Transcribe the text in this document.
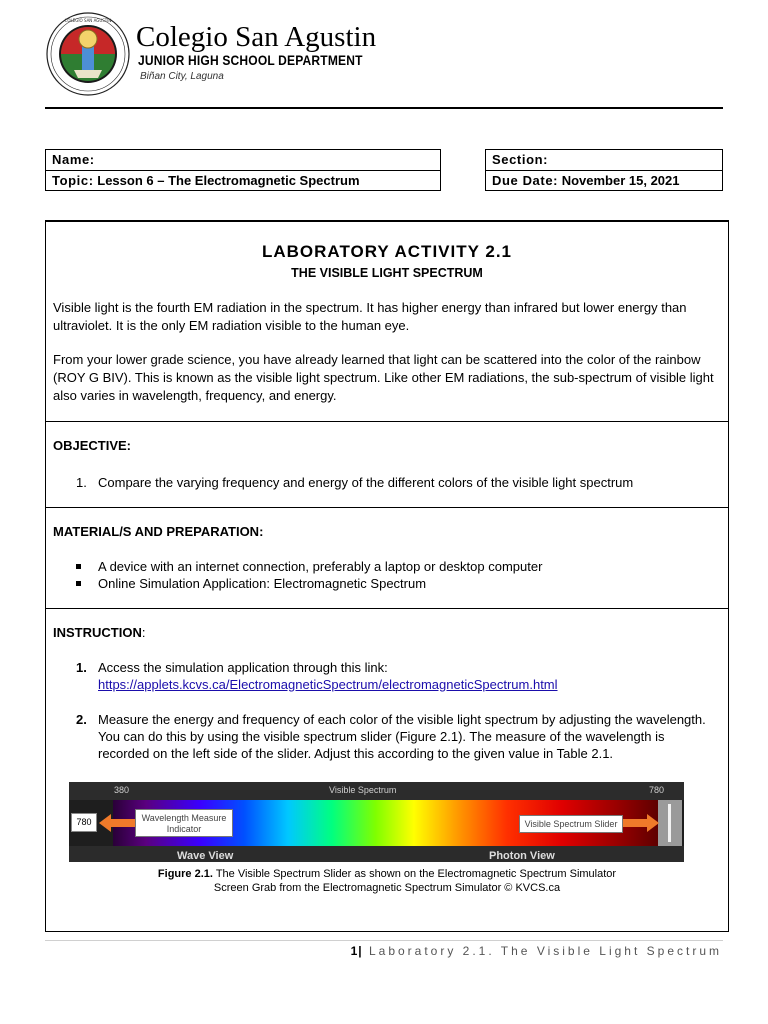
COLEGIO SAN AGUSTIN
Colegio San Agustin
JUNIOR HIGH SCHOOL DEPARTMENT
Biñan City, Laguna
Name:
Topic: Lesson 6 – The Electromagnetic Spectrum
Section:
Due Date: November 15, 2021
LABORATORY ACTIVITY 2.1
THE VISIBLE LIGHT SPECTRUM
Visible light is the fourth EM radiation in the spectrum. It has higher energy than infrared but lower energy than ultraviolet. It is the only EM radiation visible to the human eye.
From your lower grade science, you have already learned that light can be scattered into the color of the rainbow (ROY G BIV). This is known as the visible light spectrum. Like other EM radiations, the sub-spectrum of visible light also varies in wavelength, frequency, and energy.
OBJECTIVE:
1. Compare the varying frequency and energy of the different colors of the visible light spectrum
MATERIAL/S AND PREPARATION:
A device with an internet connection, preferably a laptop or desktop computer
Online Simulation Application: Electromagnetic Spectrum
INSTRUCTION:
1. Access the simulation application through this link:
https://applets.kcvs.ca/ElectromagneticSpectrum/electromagneticSpectrum.html
2. Measure the energy and frequency of each color of the visible light spectrum by adjusting the wavelength. You can do this by using the visible spectrum slider (Figure 2.1). The measure of the wavelength is recorded on the left side of the slider. Adjust this according to the given value in Table 2.1.
380	Visible Spectrum	780
780	Wavelength Measure Indicator	Visible Spectrum Slider
Wave View	Photon View
Figure 2.1. The Visible Spectrum Slider as shown on the Electromagnetic Spectrum Simulator
Screen Grab from the Electromagnetic Spectrum Simulator © KVCS.ca
1| Laboratory 2.1. The Visible Light Spectrum
